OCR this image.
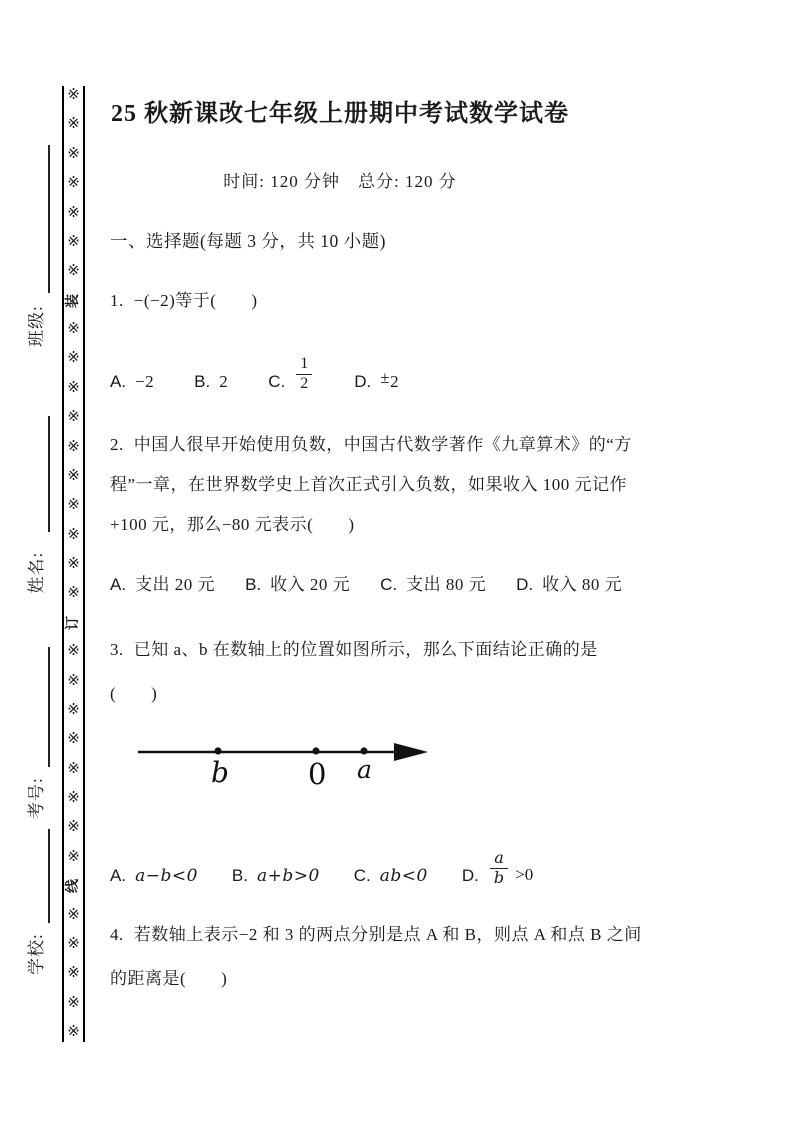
※
※
※
※
※
※
※
装
※
※
※
※
※
※
※
※
※
※
订
※
※
※
※
※
※
※
※
线
※
※
※
※
※
学校:
考号:
姓名:
班级:
25 秋新课改七年级上册期中考试数学试卷
时间: 120 分钟　总分: 120 分
一、选择题(每题 3 分，共 10 小题)
1. −(−2)等于(　　)
A. −2 B. 2 C. $\frac{1}{2} D$. ±2
2. 中国人很早开始使用负数，中国古代数学著作《九章算术》的“方
程”一章，在世界数学史上首次正式引入负数，如果收入 100 元记作
+100 元，那么−80 元表示(　　)
A. 支出 20 元 B. 收入 20 元 C. 支出 80 元 D. 收入 80 元
3. 已知 a、b 在数轴上的位置如图所示，那么下面结论正确的是
(　　)
b	0 a
A. a−b<0 B. a+b>0 C. ab<0 D. $\frac{a}{b} >0$
4. 若数轴上表示−2 和 3 的两点分别是点 A 和 B，则点 A 和点 B 之间
的距离是(　　)
